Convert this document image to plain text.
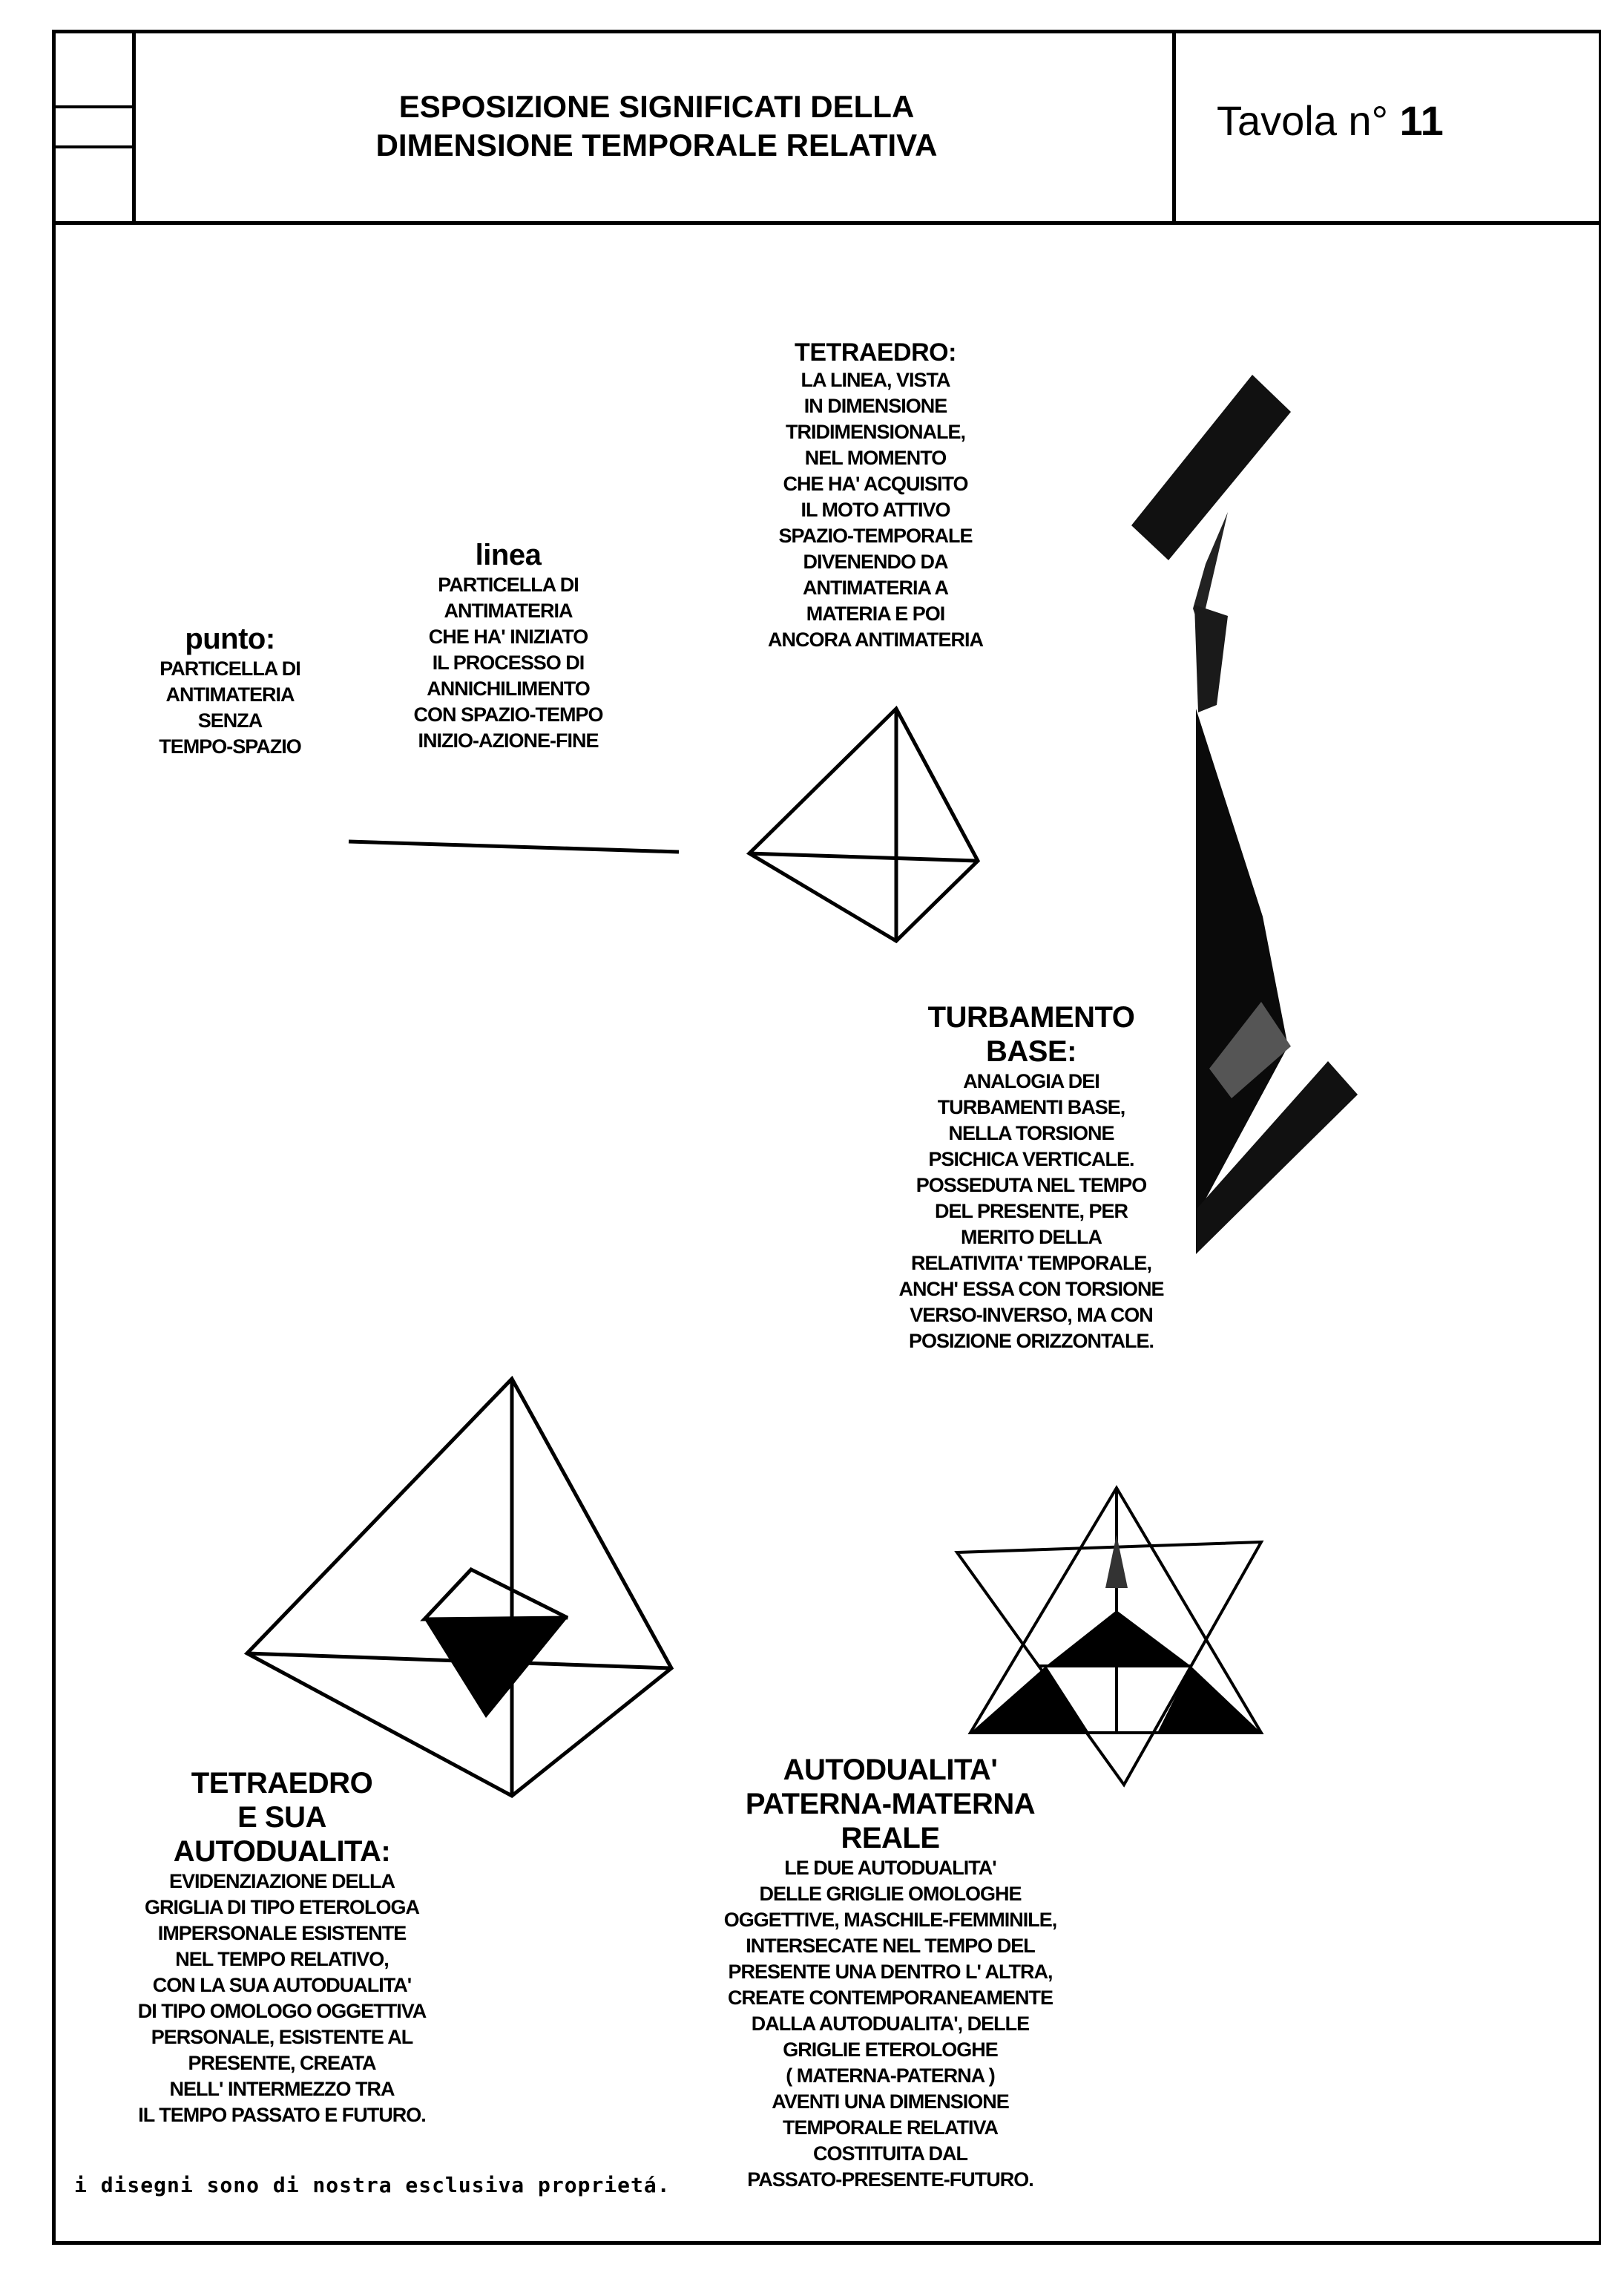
ESPOSIZIONE SIGNIFICATI DELLA
DIMENSIONE TEMPORALE RELATIVA
Tavola n° 11
punto:
PARTICELLA DI
ANTIMATERIA
SENZA
TEMPO-SPAZIO
linea
PARTICELLA DI
ANTIMATERIA
CHE HA' INIZIATO
IL PROCESSO DI
ANNICHILIMENTO
CON SPAZIO-TEMPO
INIZIO-AZIONE-FINE
TETRAEDRO:
LA LINEA, VISTA
IN DIMENSIONE
TRIDIMENSIONALE,
NEL MOMENTO
CHE HA' ACQUISITO
IL MOTO ATTIVO
SPAZIO-TEMPORALE
DIVENENDO DA
ANTIMATERIA A
MATERIA E POI
ANCORA ANTIMATERIA
TURBAMENTO
BASE:
ANALOGIA DEI
TURBAMENTI BASE,
NELLA TORSIONE
PSICHICA VERTICALE.
POSSEDUTA NEL TEMPO
DEL PRESENTE, PER
MERITO DELLA
RELATIVITA' TEMPORALE,
ANCH' ESSA CON TORSIONE
VERSO-INVERSO, MA CON
POSIZIONE ORIZZONTALE.
TETRAEDRO
E SUA
AUTODUALITA:
EVIDENZIAZIONE DELLA
GRIGLIA DI TIPO ETEROLOGA
IMPERSONALE ESISTENTE
NEL TEMPO RELATIVO,
CON LA SUA AUTODUALITA'
DI TIPO OMOLOGO OGGETTIVA
PERSONALE, ESISTENTE AL
PRESENTE, CREATA
NELL' INTERMEZZO TRA
IL TEMPO PASSATO E FUTURO.
AUTODUALITA'
PATERNA-MATERNA
REALE
LE DUE AUTODUALITA'
DELLE GRIGLIE OMOLOGHE
OGGETTIVE, MASCHILE-FEMMINILE,
INTERSECATE NEL TEMPO DEL
PRESENTE UNA DENTRO L' ALTRA,
CREATE CONTEMPORANEAMENTE
DALLA AUTODUALITA', DELLE
GRIGLIE ETEROLOGHE
( MATERNA-PATERNA )
AVENTI UNA DIMENSIONE
TEMPORALE RELATIVA
COSTITUITA DAL
PASSATO-PRESENTE-FUTURO.
i disegni sono di nostra esclusiva proprietá.
